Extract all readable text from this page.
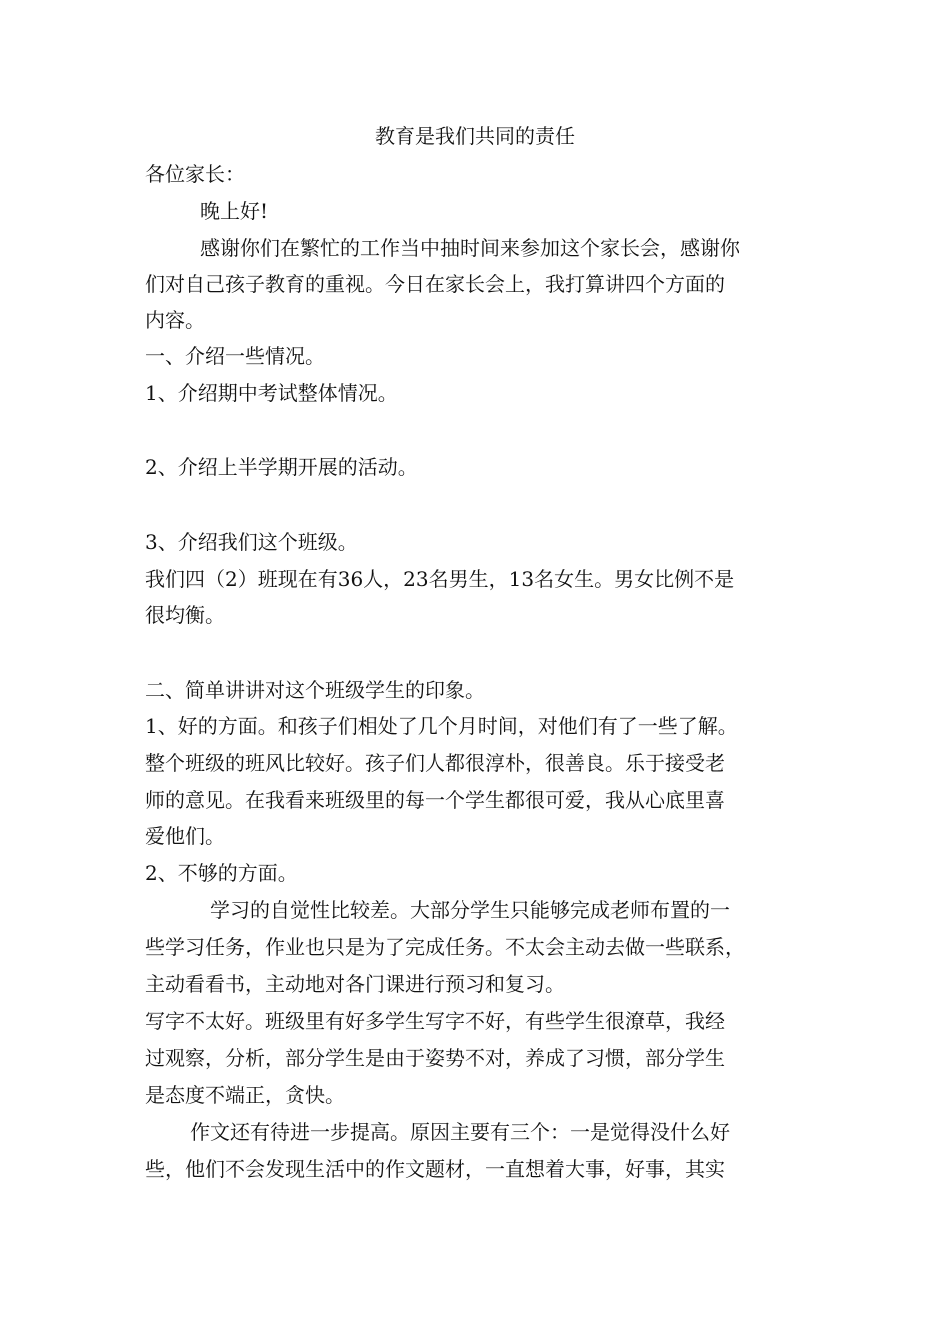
教育是我们共同的责任
各位家长：
晚上好!
感谢你们在繁忙的工作当中抽时间来参加这个家长会，感谢你
们对自己孩子教育的重视。今日在家长会上，我打算讲四个方面的
内容。
一、介绍一些情况。
1、介绍期中考试整体情况。
2、介绍上半学期开展的活动。
3、介绍我们这个班级。
我们四（2）班现在有36人，23名男生，13名女生。男女比例不是
很均衡。
二、简单讲讲对这个班级学生的印象。
1、好的方面。和孩子们相处了几个月时间，对他们有了一些了解。
整个班级的班风比较好。孩子们人都很淳朴，很善良。乐于接受老
师的意见。在我看来班级里的每一个学生都很可爱，我从心底里喜
爱他们。
2、不够的方面。
学习的自觉性比较差。大部分学生只能够完成老师布置的一
些学习任务，作业也只是为了完成任务。不太会主动去做一些联系，
主动看看书，主动地对各门课进行预习和复习。
写字不太好。班级里有好多学生写字不好，有些学生很潦草，我经
过观察，分析，部分学生是由于姿势不对，养成了习惯，部分学生
是态度不端正，贪快。
作文还有待进一步提高。原因主要有三个：一是觉得没什么好
些，他们不会发现生活中的作文题材，一直想着大事，好事，其实
